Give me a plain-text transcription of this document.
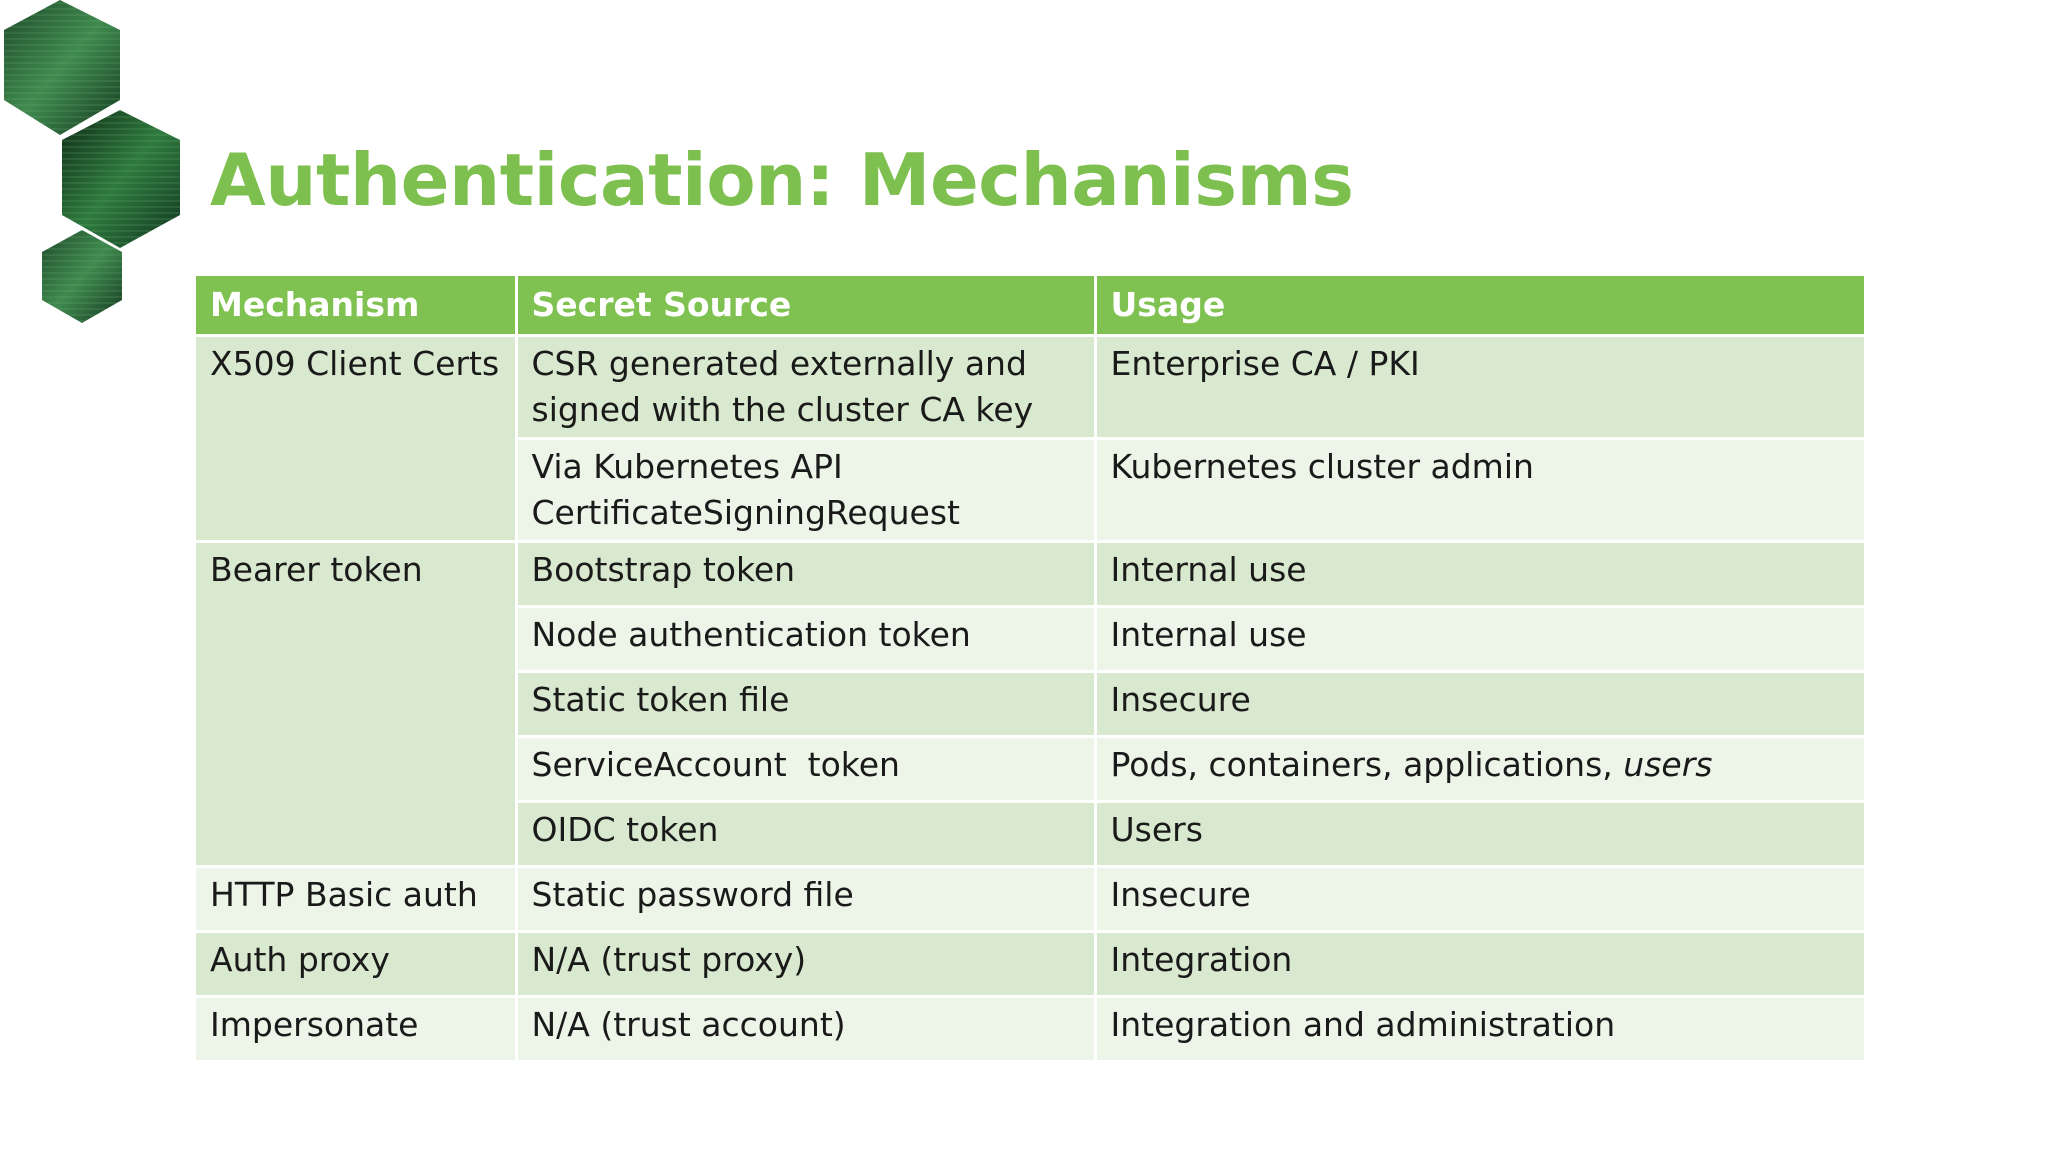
Authentication: Mechanisms
Mechanism	Secret Source	Usage
X509 Client Certs	CSR generated externally and signed with the cluster CA key	Enterprise CA / PKI
	Via Kubernetes API CertificateSigningRequest	Kubernetes cluster admin
Bearer token	Bootstrap token	Internal use
	Node authentication token	Internal use
	Static token file	Insecure
	ServiceAccount  token	Pods, containers, applications, users
	OIDC token	Users
HTTP Basic auth	Static password file	Insecure
Auth proxy	N/A (trust proxy)	Integration
Impersonate	N/A (trust account)	Integration and administration
